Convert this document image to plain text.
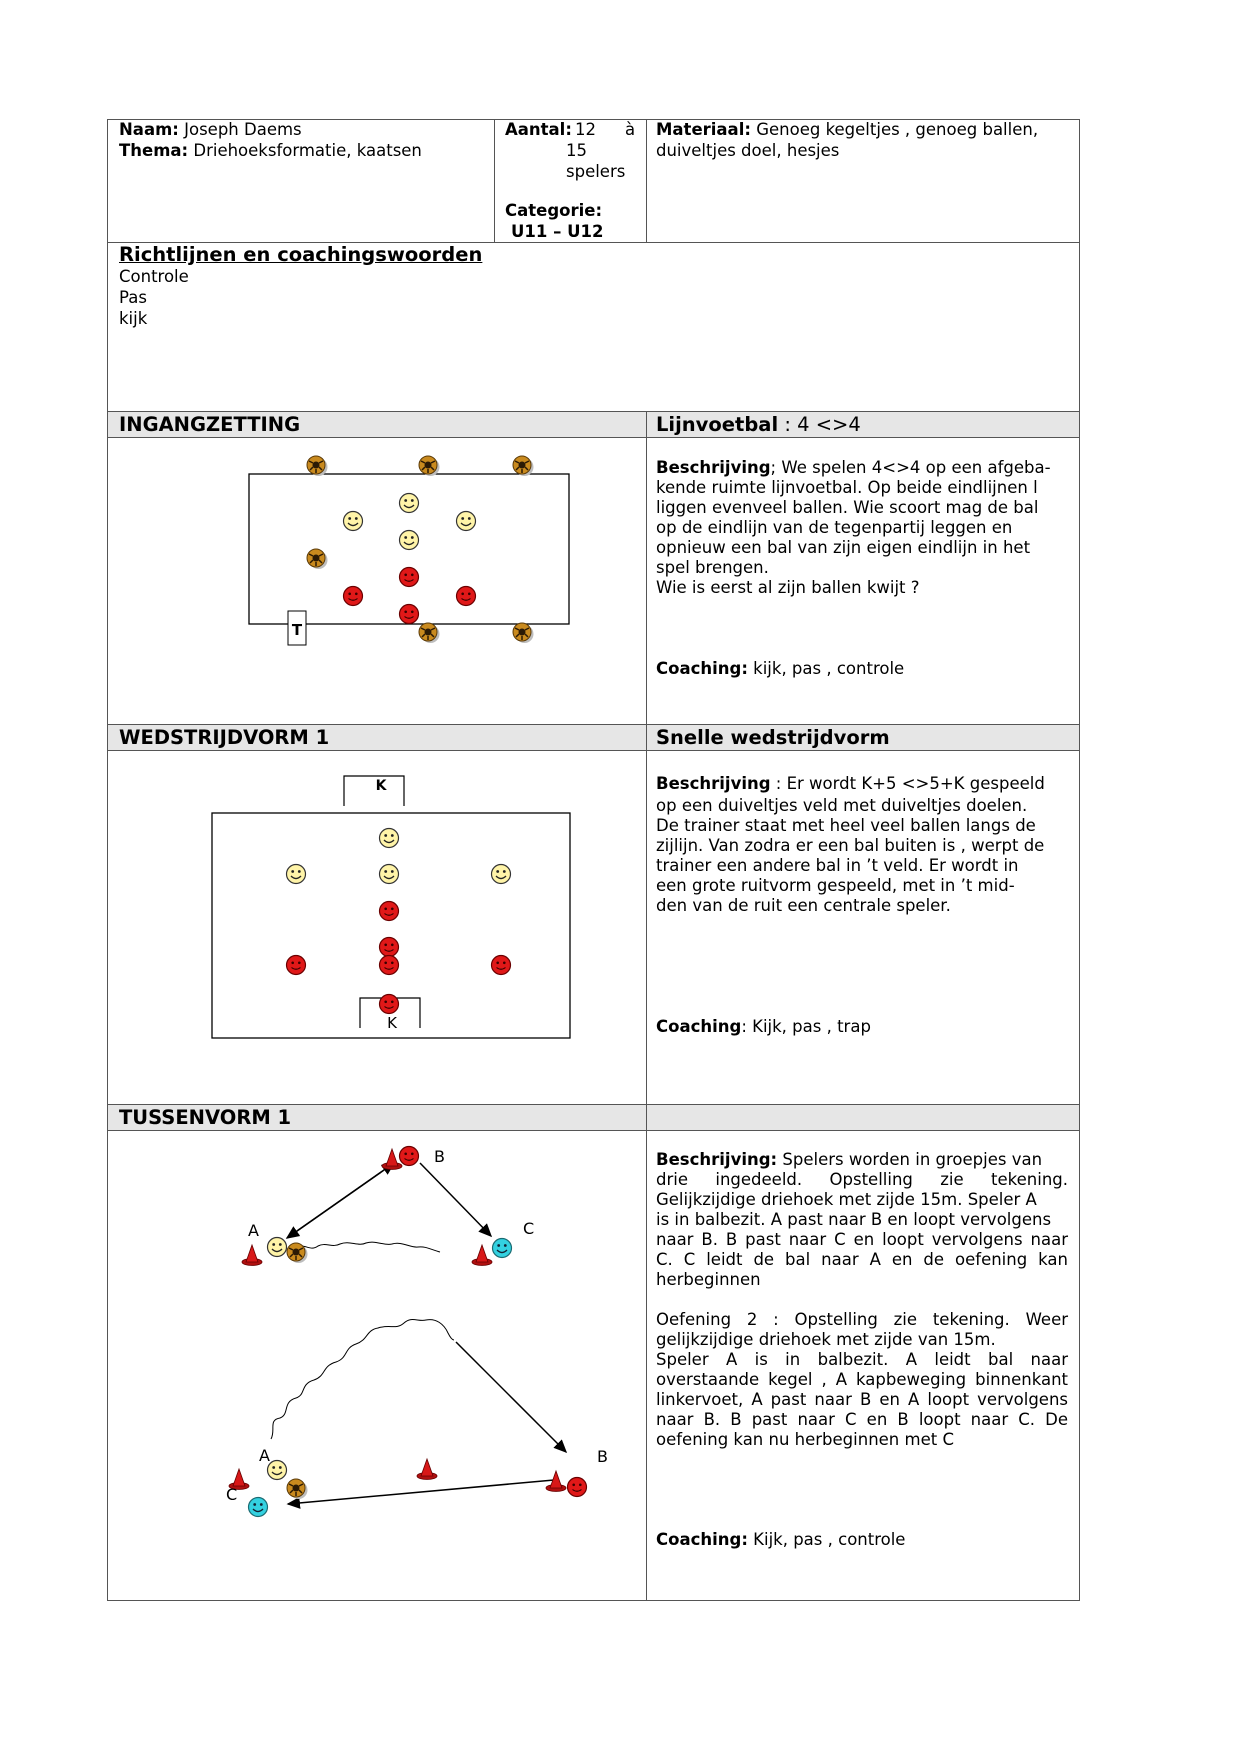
Naam: Joseph Daems
Thema: Driehoeksformatie, kaatsen
Aantal: 12 à
15
spelers
Categorie:
U11 – U12
Materiaal: Genoeg kegeltjes , genoeg ballen,
duiveltjes doel, hesjes
Richtlijnen en coachingswoorden
Controle
Pas
kijk
INGANGZETTING	Lijnvoetbal : 4 <>4
Beschrijving; We spelen 4<>4 op een afgeba-
kende ruimte lijnvoetbal. Op beide eindlijnen l
liggen evenveel ballen. Wie scoort mag de bal
op de eindlijn van de tegenpartij leggen en
opnieuw een bal van zijn eigen eindlijn in het
spel brengen.
Wie is eerst al zijn ballen kwijt ?
Coaching: kijk, pas , controle
WEDSTRIJDVORM 1	Snelle wedstrijdvorm
Beschrijving : Er wordt K+5 <>5+K gespeeld
op een duiveltjes veld met duiveltjes doelen.
De trainer staat met heel veel ballen langs de
zijlijn. Van zodra er een bal buiten is , werpt de
trainer een andere bal in ’t veld. Er wordt in
een grote ruitvorm gespeeld, met in ’t mid-
den van de ruit een centrale speler.
Coaching: Kijk, pas , trap
TUSSENVORM 1
Beschrijving: Spelers worden in groepjes van
drie ingedeeld. Opstelling zie tekening.
Gelijkzijdige driehoek met zijde 15m. Speler A
is in balbezit. A past naar B en loopt vervolgens
naar B. B past naar C en loopt vervolgens naar
C. C leidt de bal naar A en de oefening kan
herbeginnen
Oefening 2 : Opstelling zie tekening. Weer
gelijkzijdige driehoek met zijde van 15m.
Speler A is in balbezit. A leidt bal naar
overstaande kegel , A kapbeweging binnenkant
linkervoet, A past naar B en A loopt vervolgens
naar B. B past naar C en B loopt naar C. De
oefening kan nu herbeginnen met C
Coaching: Kijk, pas , controle
T
K
K
B
A	C
A
C
B
